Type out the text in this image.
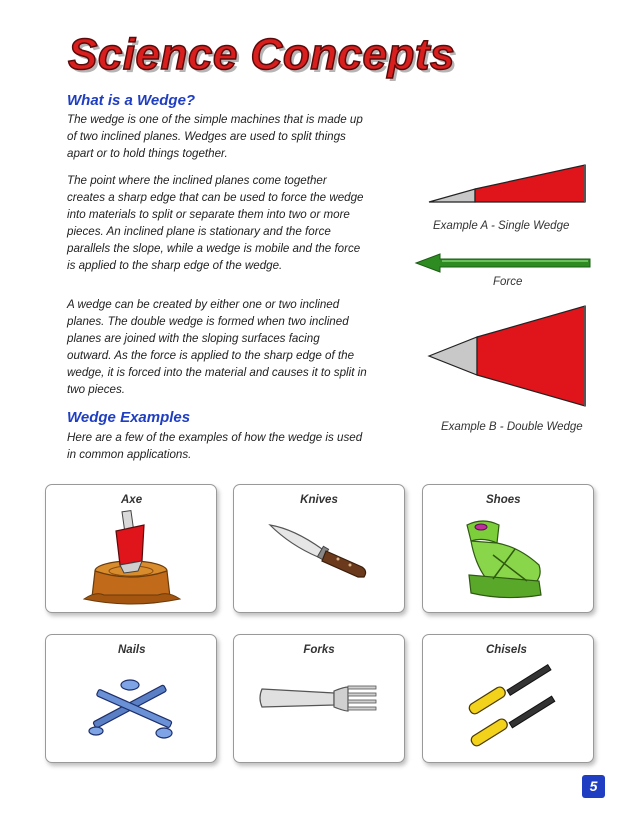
Science Concepts
What is a Wedge?
The wedge is one of the simple machines that is made up of two inclined planes. Wedges are used to split things apart or to hold things together.
The point where the inclined planes come together creates a sharp edge that can be used to force the wedge into materials to split or separate them into two or more pieces. An inclined plane is stationary and the force parallels the slope, while a wedge is mobile and the force is applied to the sharp edge of the wedge.
A wedge can be created by either one or two inclined planes. The double wedge is formed when two inclined planes are joined with the sloping surfaces facing outward. As the force is applied to the sharp edge of the wedge, it is forced into the material and causes it to split in two pieces.
Wedge Examples
Here are a few of the examples of how the wedge is used in common applications.
Example A - Single Wedge
Force
Example B - Double Wedge
Axe	Knives	Shoes
Nails	Forks	Chisels
5
